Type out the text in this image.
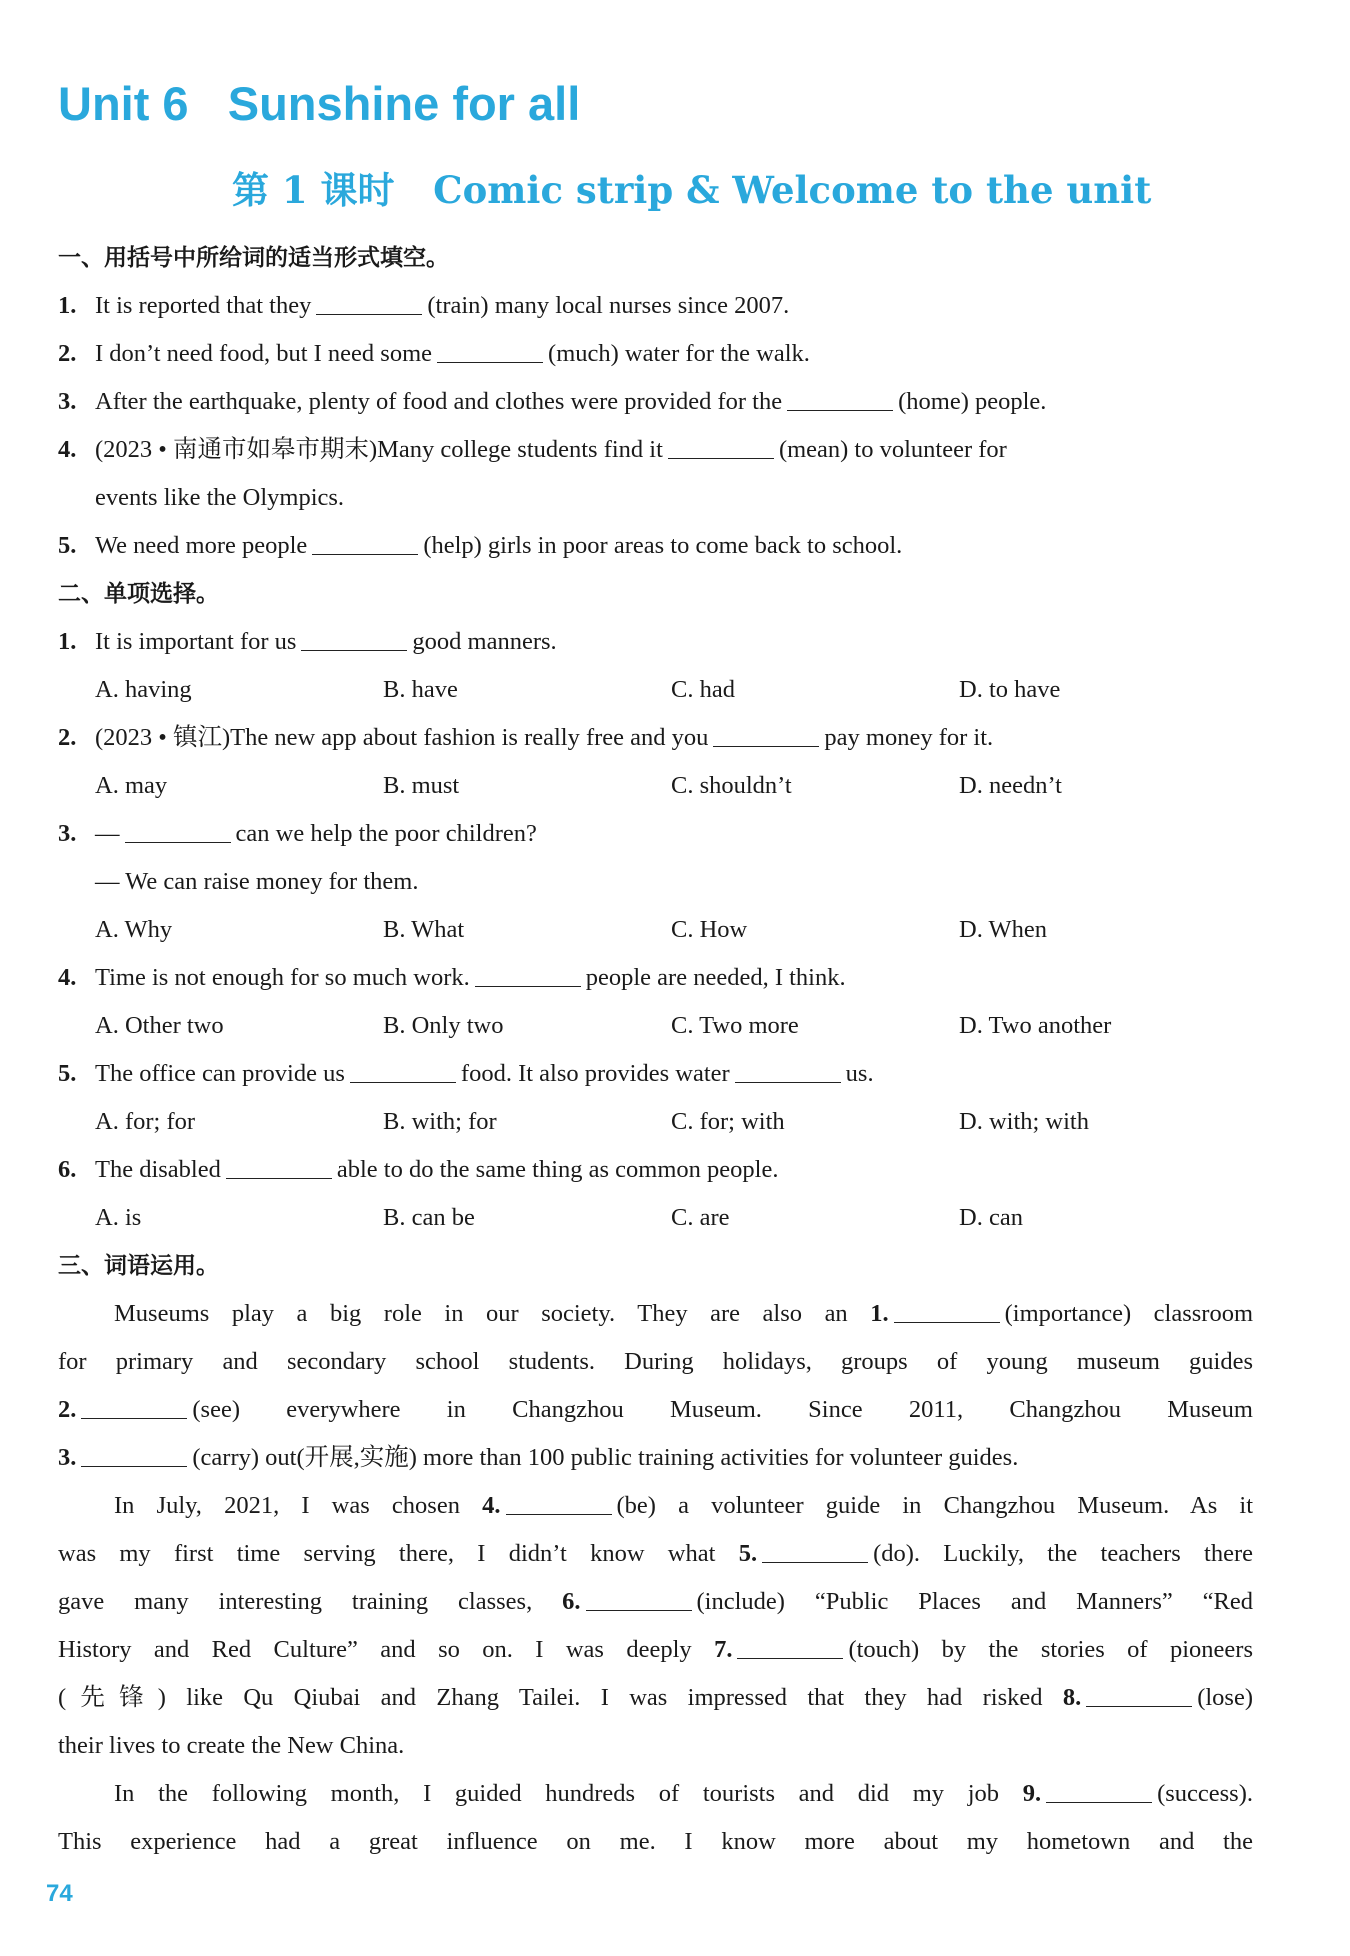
Unit 6   Sunshine for all
第 1 课时   Comic strip & Welcome to the unit
一、用括号中所给词的适当形式填空。
1. It is reported that they	(train) many local nurses since 2007.
2. I don’t need food, but I need some	(much) water for the walk.
3. After the earthquake, plenty of food and clothes were provided for the	(home) people.
4. (2023 • 南通市如皋市期末)Many college students find it	(mean) to volunteer for
events like the Olympics.
5. We need more people	(help) girls in poor areas to come back to school.
二、单项选择。
1. It is important for us	good manners.
A. having	B. have	C. had	D. to have
2. (2023 • 镇江)The new app about fashion is really free and you	pay money for it.
A. may	B. must	C. shouldn’t	D. needn’t
3. —	can we help the poor children?
— We can raise money for them.
A. Why	B. What	C. How	D. When
4. Time is not enough for so much work.	people are needed, I think.
A. Other two	B. Only two	C. Two more	D. Two another
5. The office can provide us	food. It also provides water	us.
A. for; for	B. with; for	C. for; with	D. with; with
6. The disabled	able to do the same thing as common people.
A. is	B. can be	C. are	D. can
三、词语运用。
Museums play a big role in our society. They are also an 1.	(importance) classroom
for primary and secondary school students. During holidays, groups of young museum guides
2.	(see) everywhere in Changzhou Museum. Since 2011, Changzhou Museum
3.	(carry) out(开展,实施) more than 100 public training activities for volunteer guides.
In July, 2021, I was chosen 4.	(be) a volunteer guide in Changzhou Museum. As it
was my first time serving there, I didn’t know what 5.	(do). Luckily, the teachers there
gave many interesting training classes, 6.	(include) “Public Places and Manners” “Red
History and Red Culture” and so on. I was deeply 7.	(touch) by the stories of pioneers
(先锋) like Qu Qiubai and Zhang Tailei. I was impressed that they had risked 8.	(lose)
their lives to create the New China.
In the following month, I guided hundreds of tourists and did my job 9.	(success).
This experience had a great influence on me. I know more about my hometown and the
74
